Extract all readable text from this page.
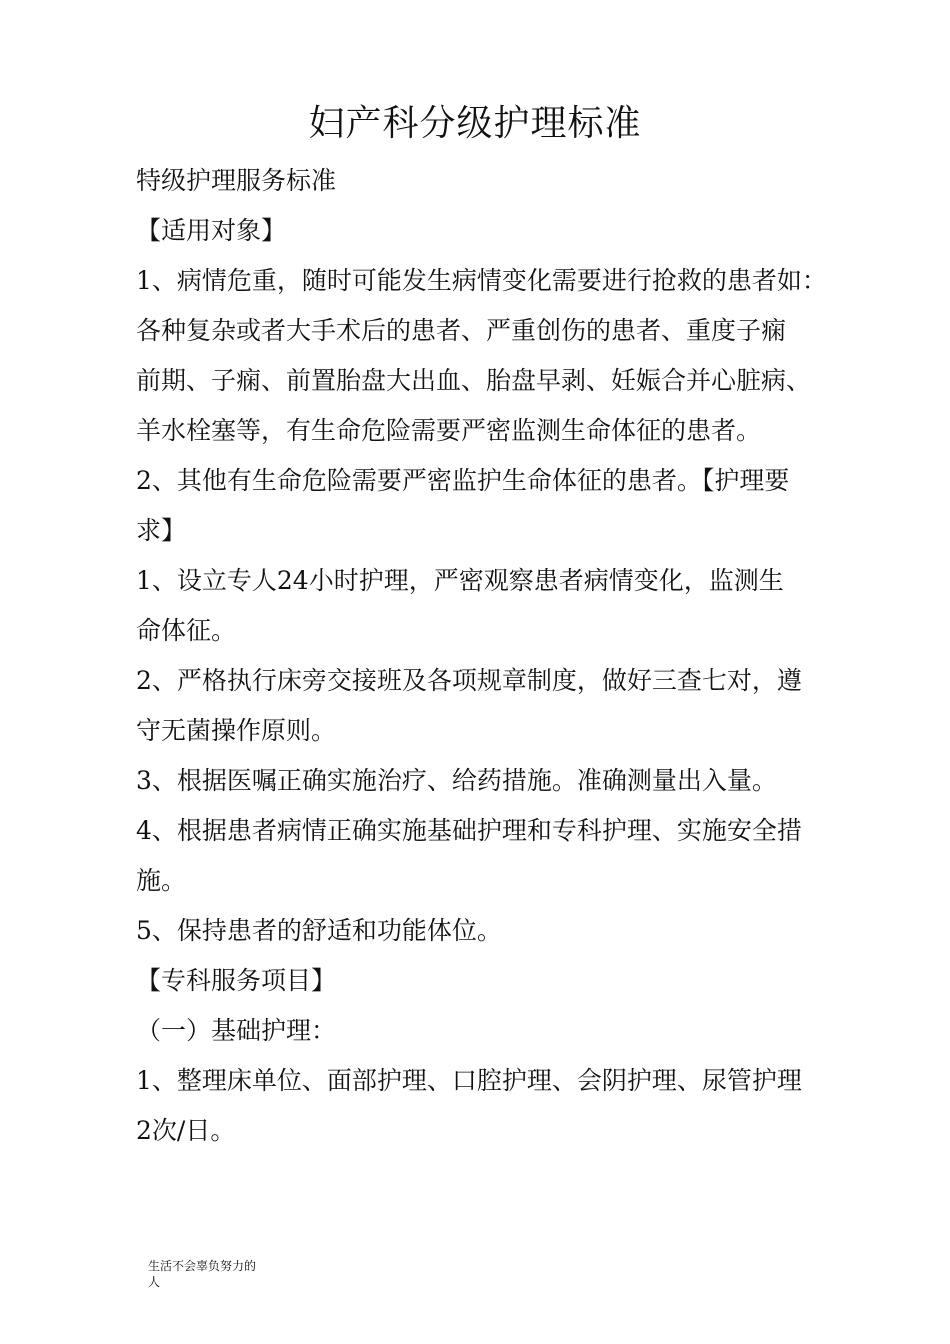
妇产科分级护理标准
特级护理服务标准
【适用对象】
1、病情危重，随时可能发生病情变化需要进行抢救的患者如：
各种复杂或者大手术后的患者、严重创伤的患者、重度子痫
前期、子痫、前置胎盘大出血、胎盘早剥、妊娠合并心脏病、
羊水栓塞等，有生命危险需要严密监测生命体征的患者。
2、其他有生命危险需要严密监护生命体征的患者。【护理要
求】
1、设立专人24小时护理，严密观察患者病情变化，监测生
命体征。
2、严格执行床旁交接班及各项规章制度，做好三查七对，遵
守无菌操作原则。
3、根据医嘱正确实施治疗、给药措施。准确测量出入量。
4、根据患者病情正确实施基础护理和专科护理、实施安全措
施。
5、保持患者的舒适和功能体位。
【专科服务项目】
（一）基础护理：
1、整理床单位、面部护理、口腔护理、会阴护理、尿管护理
2次/日。
生活不会辜负努力的
人
